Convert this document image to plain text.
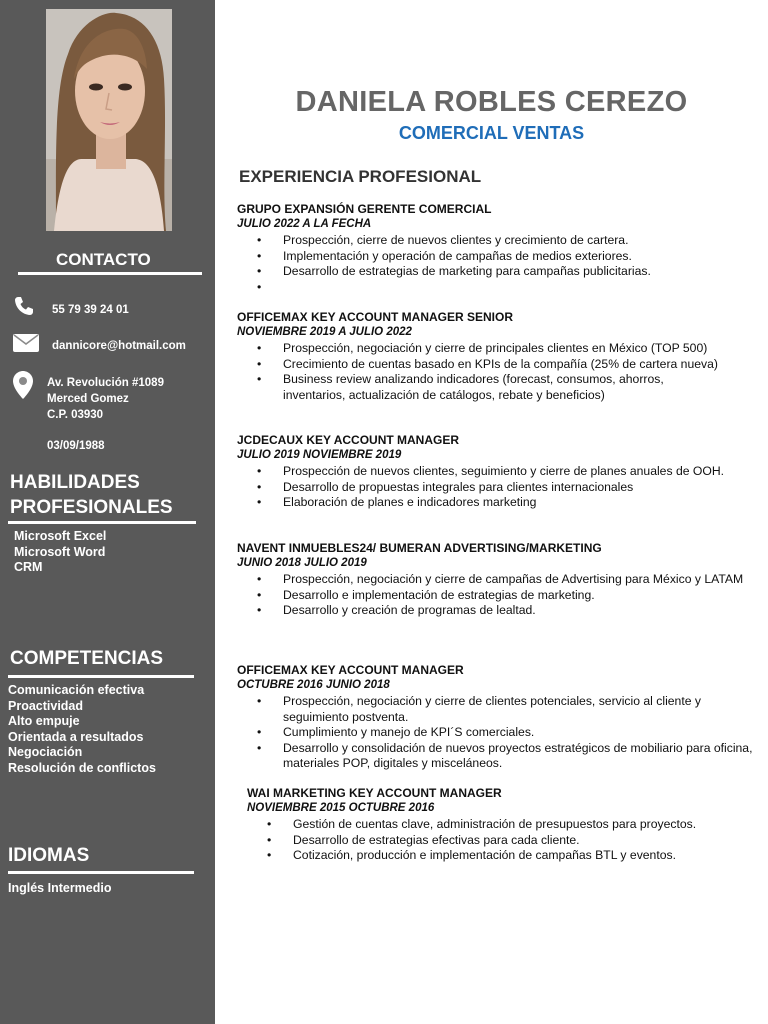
CONTACTO
55 79 39 24 01
dannicore@hotmail.com
Av. Revolución #1089
Merced Gomez
C.P. 03930
03/09/1988
HABILIDADES
PROFESIONALES
Microsoft Excel
Microsoft Word
CRM
COMPETENCIAS
Comunicación efectiva
Proactividad
Alto empuje
Orientada a resultados
Negociación
Resolución de conflictos
IDIOMAS
Inglés Intermedio
DANIELA ROBLES CEREZO
COMERCIAL VENTAS
EXPERIENCIA PROFESIONAL

GRUPO EXPANSIÓN GERENTE COMERCIAL

JULIO 2022 A LA FECHA

• Prospección, cierre de nuevos clientes y crecimiento de cartera.
• Implementación y operación de campañas de medios exteriores.
• Desarrollo de estrategias de marketing para campañas publicitarias.
•

OFFICEMAX KEY ACCOUNT MANAGER SENIOR

NOVIEMBRE 2019 A JULIO 2022

• Prospección, negociación y cierre de principales clientes en México (TOP 500)
• Crecimiento de cuentas basado en KPIs de la compañía (25% de cartera nueva)
• Business review analizando indicadores (forecast, consumos, ahorros, inventarios, actualización de catálogos, rebate y beneficios)

JCDECAUX KEY ACCOUNT MANAGER

JULIO 2019 NOVIEMBRE 2019

• Prospección de nuevos clientes, seguimiento y cierre de planes anuales de OOH.
• Desarrollo de propuestas integrales para clientes internacionales
• Elaboración de planes e indicadores marketing

NAVENT INMUEBLES24/ BUMERAN ADVERTISING/MARKETING

JUNIO 2018 JULIO 2019

• Prospección, negociación y cierre de campañas de Advertising para México y LATAM
• Desarrollo e implementación de estrategias de marketing.
• Desarrollo y creación de programas de lealtad.

OFFICEMAX KEY ACCOUNT MANAGER

OCTUBRE 2016 JUNIO 2018

• Prospección, negociación y cierre de clientes potenciales, servicio al cliente y seguimiento postventa.
• Cumplimiento y manejo de KPI´S comerciales.
• Desarrollo y consolidación de nuevos proyectos estratégicos de mobiliario para oficina, materiales POP, digitales y misceláneos.

WAI MARKETING KEY ACCOUNT MANAGER

NOVIEMBRE 2015 OCTUBRE 2016

• Gestión de cuentas clave, administración de presupuestos para proyectos.
• Desarrollo de estrategias efectivas para cada cliente.
• Cotización, producción e implementación de campañas BTL y eventos.
